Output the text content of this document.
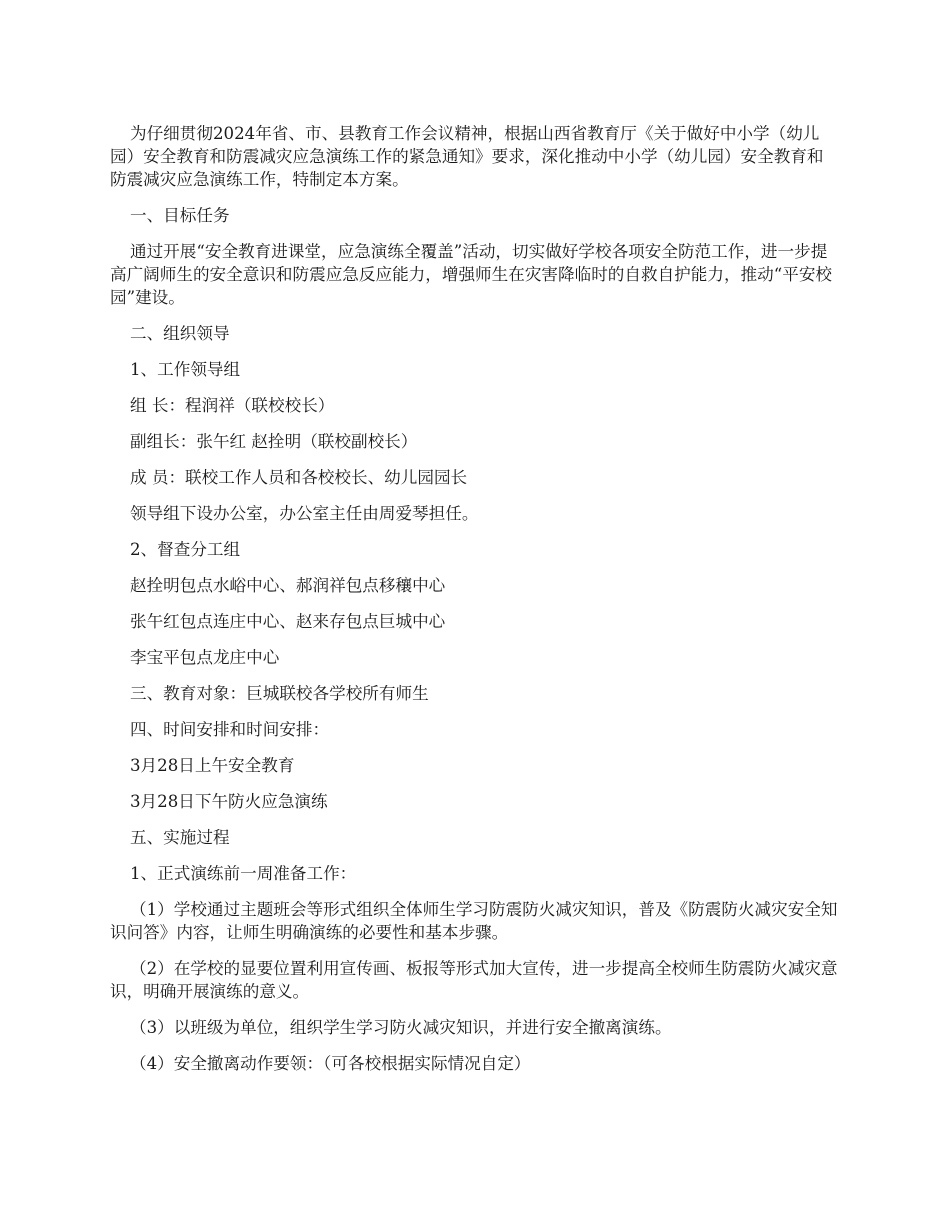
为仔细贯彻2024年省、市、县教育工作会议精神，根据山西省教育厅《关于做好中小学（幼儿园）安全教育和防震减灾应急演练工作的紧急通知》要求，深化推动中小学（幼儿园）安全教育和防震减灾应急演练工作，特制定本方案。

一、目标任务

通过开展“安全教育进课堂，应急演练全覆盖”活动，切实做好学校各项安全防范工作，进一步提高广阔师生的安全意识和防震应急反应能力，增强师生在灾害降临时的自救自护能力，推动“平安校园”建设。

二、组织领导

1、工作领导组

组 长：程润祥（联校校长）

副组长：张午红 赵拴明（联校副校长）

成 员：联校工作人员和各校校长、幼儿园园长

领导组下设办公室，办公室主任由周爱琴担任。

2、督查分工组

赵拴明包点水峪中心、郝润祥包点移穰中心

张午红包点连庄中心、赵来存包点巨城中心

李宝平包点龙庄中心

三、教育对象：巨城联校各学校所有师生

四、时间安排和时间安排：

3月28日上午安全教育

3月28日下午防火应急演练

五、实施过程

1、正式演练前一周准备工作：

（1）学校通过主题班会等形式组织全体师生学习防震防火减灾知识，普及《防震防火减灾安全知识问答》内容，让师生明确演练的必要性和基本步骤。

（2）在学校的显要位置利用宣传画、板报等形式加大宣传，进一步提高全校师生防震防火减灾意识，明确开展演练的意义。

（3）以班级为单位，组织学生学习防火减灾知识，并进行安全撤离演练。

（4）安全撤离动作要领：（可各校根据实际情况自定）
